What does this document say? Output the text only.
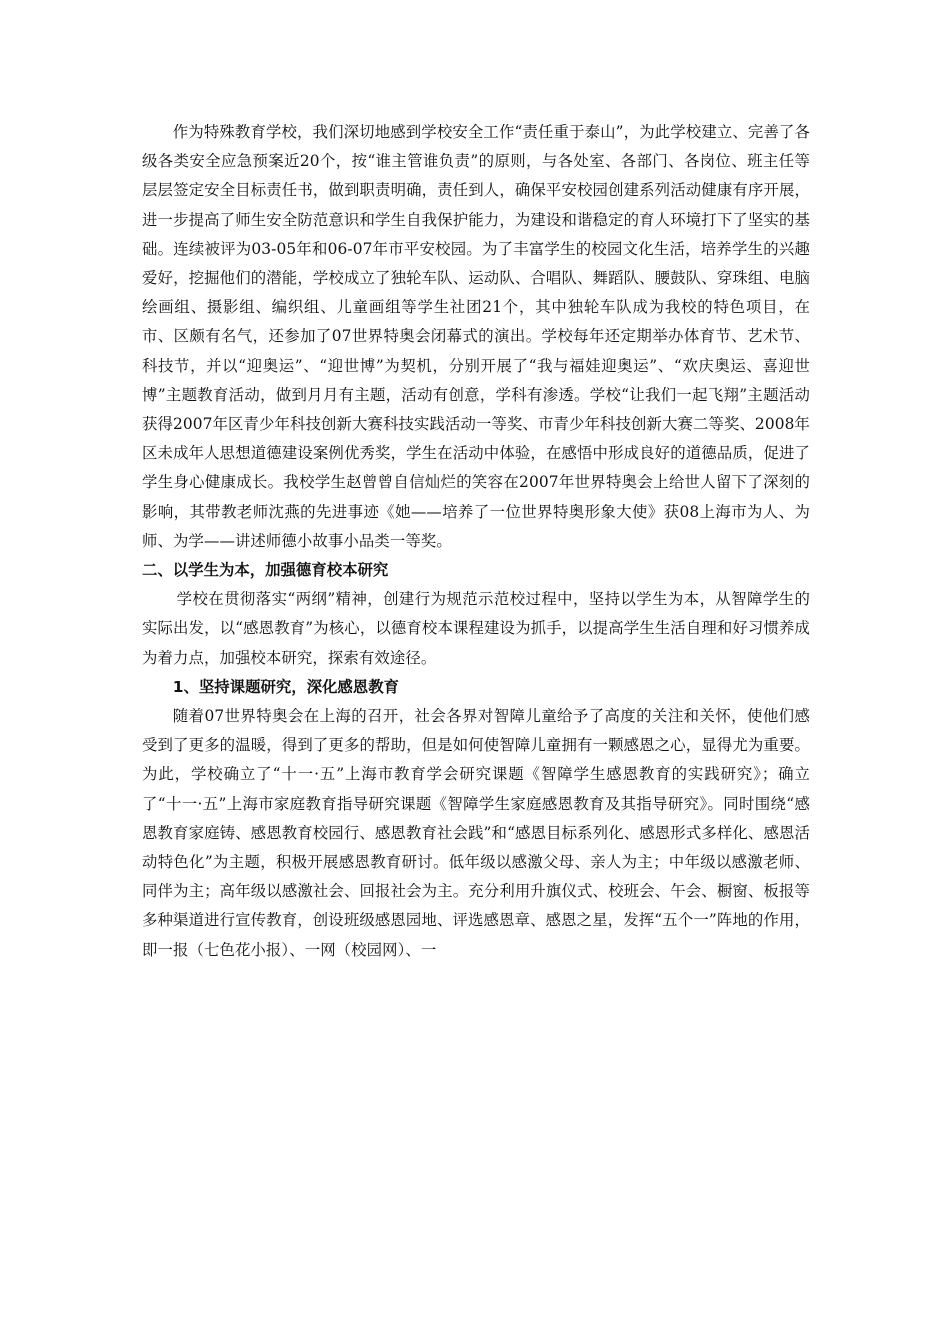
作为特殊教育学校，我们深切地感到学校安全工作“责任重于泰山”，为此学校建立、完善了各级各类安全应急预案近20个，按“谁主管谁负责”的原则，与各处室、各部门、各岗位、班主任等层层签定安全目标责任书，做到职责明确，责任到人，确保平安校园创建系列活动健康有序开展，进一步提高了师生安全防范意识和学生自我保护能力，为建设和谐稳定的育人环境打下了坚实的基础。连续被评为03-05年和06-07年市平安校园。为了丰富学生的校园文化生活，培养学生的兴趣爱好，挖掘他们的潜能，学校成立了独轮车队、运动队、合唱队、舞蹈队、腰鼓队、穿珠组、电脑绘画组、摄影组、编织组、儿童画组等学生社团21个，其中独轮车队成为我校的特色项目，在市、区颇有名气，还参加了07世界特奥会闭幕式的演出。学校每年还定期举办体育节、艺术节、科技节，并以“迎奥运”、“迎世博”为契机，分别开展了“我与福娃迎奥运”、“欢庆奥运、喜迎世博”主题教育活动，做到月月有主题，活动有创意，学科有渗透。学校“让我们一起飞翔”主题活动获得2007年区青少年科技创新大赛科技实践活动一等奖、市青少年科技创新大赛二等奖、2008年区未成年人思想道德建设案例优秀奖，学生在活动中体验，在感悟中形成良好的道德品质，促进了学生身心健康成长。我校学生赵曾曾自信灿烂的笑容在2007年世界特奥会上给世人留下了深刻的影响，其带教老师沈燕的先进事迹《她——培养了一位世界特奥形象大使》获08上海市为人、为师、为学——讲述师德小故事小品类一等奖。

二、以学生为本，加强德育校本研究

学校在贯彻落实“两纲”精神，创建行为规范示范校过程中，坚持以学生为本，从智障学生的实际出发，以“感恩教育”为核心，以德育校本课程建设为抓手，以提高学生生活自理和好习惯养成为着力点，加强校本研究，探索有效途径。

1、坚持课题研究，深化感恩教育

随着07世界特奥会在上海的召开，社会各界对智障儿童给予了高度的关注和关怀，使他们感受到了更多的温暖，得到了更多的帮助，但是如何使智障儿童拥有一颗感恩之心，显得尤为重要。为此，学校确立了“十一·五”上海市教育学会研究课题《智障学生感恩教育的实践研究》；确立了“十一·五”上海市家庭教育指导研究课题《智障学生家庭感恩教育及其指导研究》。同时围绕“感恩教育家庭铸、感恩教育校园行、感恩教育社会践”和“感恩目标系列化、感恩形式多样化、感恩活动特色化”为主题，积极开展感恩教育研讨。低年级以感激父母、亲人为主；中年级以感激老师、同伴为主；高年级以感激社会、回报社会为主。充分利用升旗仪式、校班会、午会、橱窗、板报等多种渠道进行宣传教育，创设班级感恩园地、评选感恩章、感恩之星，发挥“五个一”阵地的作用，即一报（七色花小报）、一网（校园网）、一
